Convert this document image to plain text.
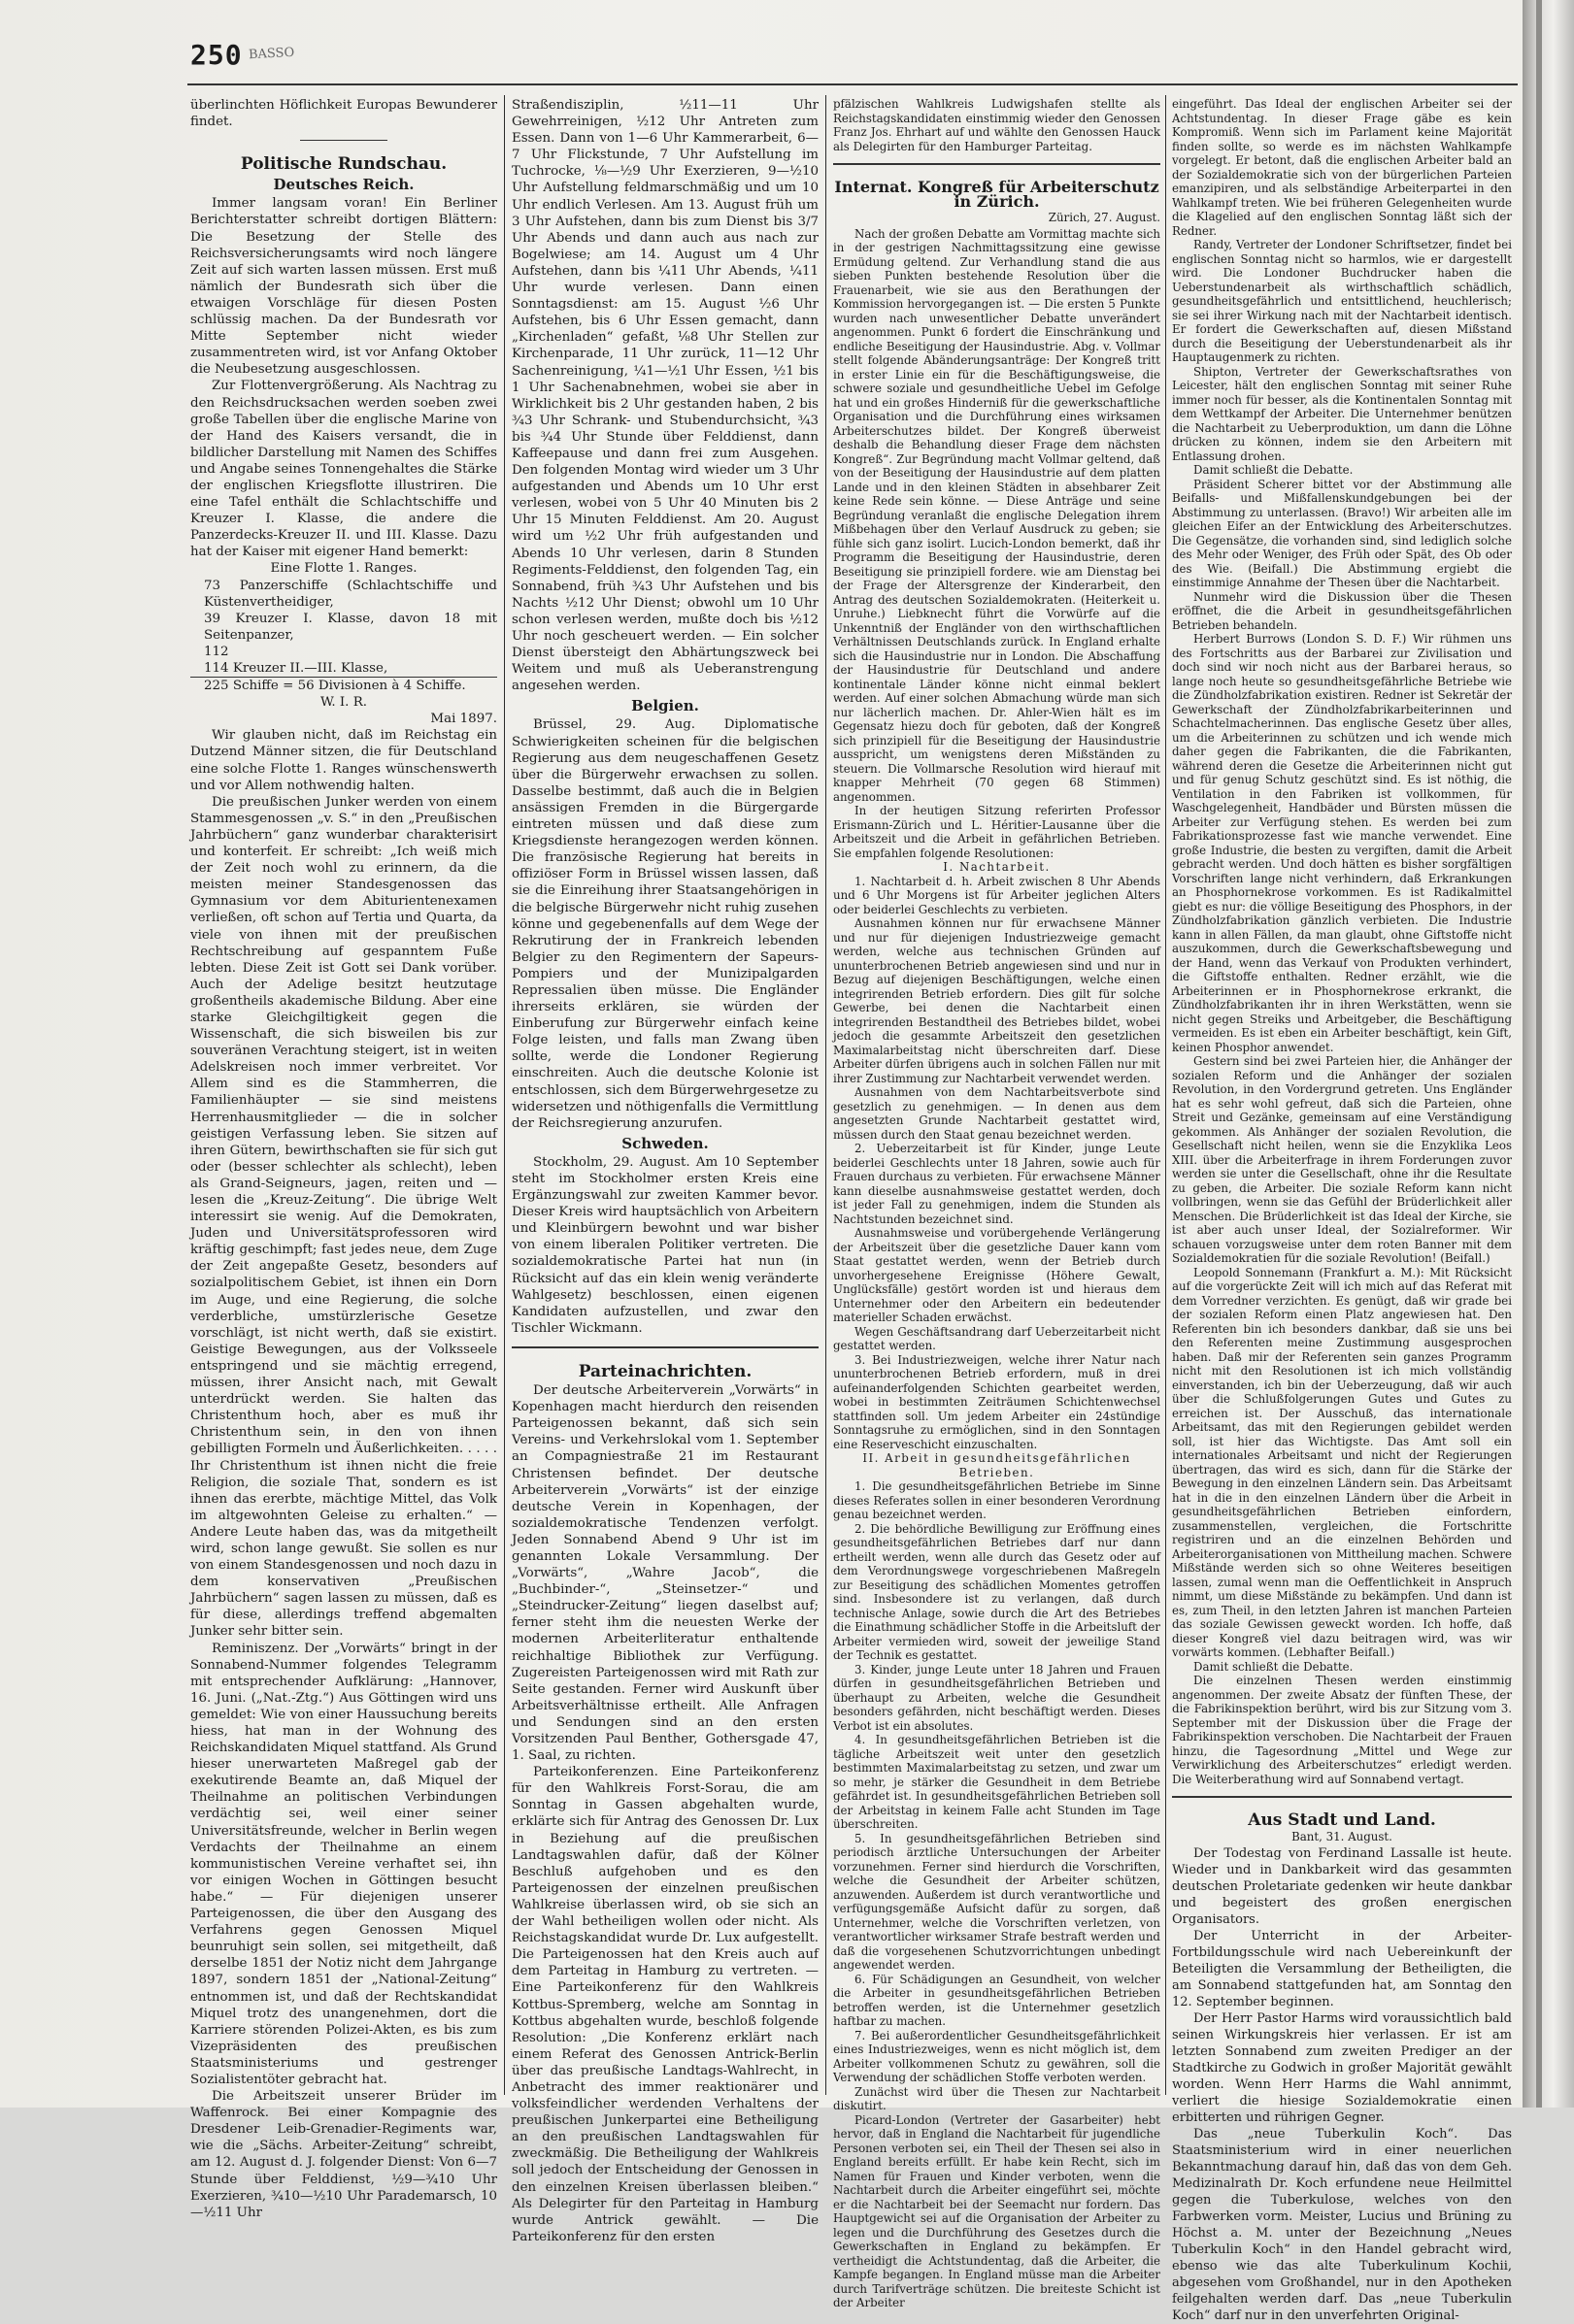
250 BASSO

überlinchten Höflichkeit Europas Bewunderer findet.

Politische Rundschau.
Deutsches Reich.

Immer langsam voran! Ein Berliner Berichterstatter schreibt dortigen Blättern: Die Besetzung der Stelle des Reichsversicherungsamts wird noch längere Zeit auf sich warten lassen müssen. Erst muß nämlich der Bundesrath sich über die etwaigen Vorschläge für diesen Posten schlüssig machen. Da der Bundesrath vor Mitte September nicht wieder zusammentreten wird, ist vor Anfang Oktober die Neubesetzung ausgeschlossen.

Zur Flottenvergrößerung. Als Nachtrag zu den Reichsdrucksachen werden soeben zwei große Tabellen über die englische Marine von der Hand des Kaisers versandt, die in bildlicher Darstellung mit Namen des Schiffes und Angabe seines Tonnengehaltes die Stärke der englischen Kriegsflotte illustriren. Die eine Tafel enthält die Schlachtschiffe und Kreuzer I. Klasse, die andere die Panzerdecks-Kreuzer II. und III. Klasse. Dazu hat der Kaiser mit eigener Hand bemerkt:

Eine Flotte 1. Ranges.

73 Panzerschiffe (Schlachtschiffe und Küstenvertheidiger,

39 Kreuzer I. Klasse, davon 18 mit Seitenpanzer,

112

114 Kreuzer II.—III. Klasse,

225 Schiffe = 56 Divisionen à 4 Schiffe.

W. I. R.

Mai 1897.

Wir glauben nicht, daß im Reichstag ein Dutzend Männer sitzen, die für Deutschland eine solche Flotte 1. Ranges wünschenswerth und vor Allem nothwendig halten.

Die preußischen Junker werden von einem Stammesgenossen „v. S.“ in den „Preußischen Jahrbüchern“ ganz wunderbar charakterisirt und konterfeit. Er schreibt: „Ich weiß mich der Zeit noch wohl zu erinnern, da die meisten meiner Standesgenossen das Gymnasium vor dem Abiturientenexamen verließen, oft schon auf Tertia und Quarta, da viele von ihnen mit der preußischen Rechtschreibung auf gespanntem Fuße lebten. Diese Zeit ist Gott sei Dank vorüber. Auch der Adelige besitzt heutzutage großentheils akademische Bildung. Aber eine starke Gleichgiltigkeit gegen die Wissenschaft, die sich bisweilen bis zur souveränen Verachtung steigert, ist in weiten Adelskreisen noch immer verbreitet. Vor Allem sind es die Stammherren, die Familienhäupter — sie sind meistens Herrenhausmitglieder — die in solcher geistigen Verfassung leben. Sie sitzen auf ihren Gütern, bewirthschaften sie für sich gut oder (besser schlechter als schlecht), leben als Grand-Seigneurs, jagen, reiten und — lesen die „Kreuz-Zeitung“. Die übrige Welt interessirt sie wenig. Auf die Demokraten, Juden und Universitätsprofessoren wird kräftig geschimpft; fast jedes neue, dem Zuge der Zeit angepaßte Gesetz, besonders auf sozialpolitischem Gebiet, ist ihnen ein Dorn im Auge, und eine Regierung, die solche verderbliche, umstürzlerische Gesetze vorschlägt, ist nicht werth, daß sie existirt. Geistige Bewegungen, aus der Volksseele entspringend und sie mächtig erregend, müssen, ihrer Ansicht nach, mit Gewalt unterdrückt werden. Sie halten das Christenthum hoch, aber es muß ihr Christenthum sein, in den von ihnen gebilligten Formeln und Äußerlichkeiten. . . . . Ihr Christenthum ist ihnen nicht die freie Religion, die soziale That, sondern es ist ihnen das ererbte, mächtige Mittel, das Volk im altgewohnten Geleise zu erhalten.“ — Andere Leute haben das, was da mitgetheilt wird, schon lange gewußt. Sie sollen es nur von einem Standesgenossen und noch dazu in dem konservativen „Preußischen Jahrbüchern“ sagen lassen zu müssen, daß es für diese, allerdings treffend abgemalten Junker sehr bitter sein.

Reminiszenz. Der „Vorwärts“ bringt in der Sonnabend-Nummer folgendes Telegramm mit entsprechender Aufklärung: „Hannover, 16. Juni. („Nat.-Ztg.“) Aus Göttingen wird uns gemeldet: Wie von einer Haussuchung bereits hiess, hat man in der Wohnung des Reichskandidaten Miquel stattfand. Als Grund hieser unerwarteten Maßregel gab der exekutirende Beamte an, daß Miquel der Theilnahme an politischen Verbindungen verdächtig sei, weil einer seiner Universitätsfreunde, welcher in Berlin wegen Verdachts der Theilnahme an einem kommunistischen Vereine verhaftet sei, ihn vor einigen Wochen in Göttingen besucht habe.“ — Für diejenigen unserer Parteigenossen, die über den Ausgang des Verfahrens gegen Genossen Miquel beunruhigt sein sollen, sei mitgetheilt, daß derselbe 1851 der Notiz nicht dem Jahrgange 1897, sondern 1851 der „National-Zeitung“ entnommen ist, und daß der Rechtskandidat Miquel trotz des unangenehmen, dort die Karriere störenden Polizei-Akten, es bis zum Vizepräsidenten des preußischen Staatsministeriums und gestrenger Sozialistentöter gebracht hat.

Die Arbeitszeit unserer Brüder im Waffenrock. Bei einer Kompagnie des Dresdener Leib-Grenadier-Regiments war, wie die „Sächs. Arbeiter-Zeitung“ schreibt, am 12. August d. J. folgender Dienst: Von 6—7 Stunde über Felddienst, ½9—¾10 Uhr Exerzieren, ¾10—½10 Uhr Parademarsch, 10—½11 Uhr

Straßendisziplin, ½11—11 Uhr Gewehrreinigen, ½12 Uhr Antreten zum Essen. Dann von 1—6 Uhr Kammerarbeit, 6—7 Uhr Flickstunde, 7 Uhr Aufstellung im Tuchrocke, ⅛—½9 Uhr Exerzieren, 9—½10 Uhr Aufstellung feldmarschmäßig und um 10 Uhr endlich Verlesen. Am 13. August früh um 3 Uhr Aufstehen, dann bis zum Dienst bis 3/7 Uhr Abends und dann auch aus nach zur Bogelwiese; am 14. August um 4 Uhr Aufstehen, dann bis ¼11 Uhr Abends, ¼11 Uhr wurde verlesen. Dann einen Sonntagsdienst: am 15. August ½6 Uhr Aufstehen, bis 6 Uhr Essen gemacht, dann „Kirchenladen“ gefaßt, ⅛8 Uhr Stellen zur Kirchenparade, 11 Uhr zurück, 11—12 Uhr Sachenreinigung, ¼1—½1 Uhr Essen, ½1 bis 1 Uhr Sachenabnehmen, wobei sie aber in Wirklichkeit bis 2 Uhr gestanden haben, 2 bis ¾3 Uhr Schrank- und Stubendurchsicht, ¾3 bis ¾4 Uhr Stunde über Felddienst, dann Kaffeepause und dann frei zum Ausgehen. Den folgenden Montag wird wieder um 3 Uhr aufgestanden und Abends um 10 Uhr erst verlesen, wobei von 5 Uhr 40 Minuten bis 2 Uhr 15 Minuten Felddienst. Am 20. August wird um ½2 Uhr früh aufgestanden und Abends 10 Uhr verlesen, darin 8 Stunden Regiments-Felddienst, den folgenden Tag, ein Sonnabend, früh ¾3 Uhr Aufstehen und bis Nachts ½12 Uhr Dienst; obwohl um 10 Uhr schon verlesen werden, mußte doch bis ½12 Uhr noch gescheuert werden. — Ein solcher Dienst übersteigt den Abhärtungszweck bei Weitem und muß als Ueberanstrengung angesehen werden.

Belgien.

Brüssel, 29. Aug. Diplomatische Schwierigkeiten scheinen für die belgischen Regierung aus dem neugeschaffenen Gesetz über die Bürgerwehr erwachsen zu sollen. Dasselbe bestimmt, daß auch die in Belgien ansässigen Fremden in die Bürgergarde eintreten müssen und daß diese zum Kriegsdienste herangezogen werden können. Die französische Regierung hat bereits in offiziöser Form in Brüssel wissen lassen, daß sie die Einreihung ihrer Staatsangehörigen in die belgische Bürgerwehr nicht ruhig zusehen könne und gegebenenfalls auf dem Wege der Rekrutirung der in Frankreich lebenden Belgier zu den Regimentern der Sapeurs-Pompiers und der Munizipalgarden Repressalien üben müsse. Die Engländer ihrerseits erklären, sie würden der Einberufung zur Bürgerwehr einfach keine Folge leisten, und falls man Zwang üben sollte, werde die Londoner Regierung einschreiten. Auch die deutsche Kolonie ist entschlossen, sich dem Bürgerwehrgesetze zu widersetzen und nöthigenfalls die Vermittlung der Reichsregierung anzurufen.

Schweden.

Stockholm, 29. August. Am 10 September steht im Stockholmer ersten Kreis eine Ergänzungswahl zur zweiten Kammer bevor. Dieser Kreis wird hauptsächlich von Arbeitern und Kleinbürgern bewohnt und war bisher von einem liberalen Politiker vertreten. Die sozialdemokratische Partei hat nun (in Rücksicht auf das ein klein wenig veränderte Wahlgesetz) beschlossen, einen eigenen Kandidaten aufzustellen, und zwar den Tischler Wickmann.

Parteinachrichten.

Der deutsche Arbeiterverein „Vorwärts“ in Kopenhagen macht hierdurch den reisenden Parteigenossen bekannt, daß sich sein Vereins- und Verkehrslokal vom 1. September an Compagniestraße 21 im Restaurant Christensen befindet. Der deutsche Arbeiterverein „Vorwärts“ ist der einzige deutsche Verein in Kopenhagen, der sozialdemokratische Tendenzen verfolgt. Jeden Sonnabend Abend 9 Uhr ist im genannten Lokale Versammlung. Der „Vorwärts“, „Wahre Jacob“, die „Buchbinder-“, „Steinsetzer-“ und „Steindrucker-Zeitung“ liegen daselbst auf; ferner steht ihm die neuesten Werke der modernen Arbeiterliteratur enthaltende reichhaltige Bibliothek zur Verfügung. Zugereisten Parteigenossen wird mit Rath zur Seite gestanden. Ferner wird Auskunft über Arbeitsverhältnisse ertheilt. Alle Anfragen und Sendungen sind an den ersten Vorsitzenden Paul Benther, Gothersgade 47, 1. Saal, zu richten.

Parteikonferenzen. Eine Parteikonferenz für den Wahlkreis Forst-Sorau, die am Sonntag in Gassen abgehalten wurde, erklärte sich für Antrag des Genossen Dr. Lux in Beziehung auf die preußischen Landtagswahlen dafür, daß der Kölner Beschluß aufgehoben und es den Parteigenossen der einzelnen preußischen Wahlkreise überlassen wird, ob sie sich an der Wahl betheiligen wollen oder nicht. Als Reichstagskandidat wurde Dr. Lux aufgestellt. Die Parteigenossen hat den Kreis auch auf dem Parteitag in Hamburg zu vertreten. — Eine Parteikonferenz für den Wahlkreis Kottbus-Spremberg, welche am Sonntag in Kottbus abgehalten wurde, beschloß folgende Resolution: „Die Konferenz erklärt nach einem Referat des Genossen Antrick-Berlin über das preußische Landtags-Wahlrecht, in Anbetracht des immer reaktionärer und volksfeindlicher werdenden Verhaltens der preußischen Junkerpartei eine Betheiligung an den preußischen Landtagswahlen für zweckmäßig. Die Betheiligung der Wahlkreis soll jedoch der Entscheidung der Genossen in den einzelnen Kreisen überlassen bleiben.“ Als Delegirter für den Parteitag in Hamburg wurde Antrick gewählt. — Die Parteikonferenz für den ersten

pfälzischen Wahlkreis Ludwigshafen stellte als Reichstagskandidaten einstimmig wieder den Genossen Franz Jos. Ehrhart auf und wählte den Genossen Hauck als Delegirten für den Hamburger Parteitag.

Internat. Kongreß für Arbeiterschutz in Zürich.

Zürich, 27. August.

Nach der großen Debatte am Vormittag machte sich in der gestrigen Nachmittagssitzung eine gewisse Ermüdung geltend. Zur Verhandlung stand die aus sieben Punkten bestehende Resolution über die Frauenarbeit, wie sie aus den Berathungen der Kommission hervorgegangen ist. — Die ersten 5 Punkte wurden nach unwesentlicher Debatte unverändert angenommen. Punkt 6 fordert die Einschränkung und endliche Beseitigung der Hausindustrie. Abg. v. Vollmar stellt folgende Abänderungsanträge: Der Kongreß tritt in erster Linie ein für die Beschäftigungsweise, die schwere soziale und gesundheitliche Uebel im Gefolge hat und ein großes Hinderniß für die gewerkschaftliche Organisation und die Durchführung eines wirksamen Arbeiterschutzes bildet. Der Kongreß überweist deshalb die Behandlung dieser Frage dem nächsten Kongreß“. Zur Begründung macht Vollmar geltend, daß von der Beseitigung der Hausindustrie auf dem platten Lande und in den kleinen Städten in absehbarer Zeit keine Rede sein könne. — Diese Anträge und seine Begründung veranlaßt die englische Delegation ihrem Mißbehagen über den Verlauf Ausdruck zu geben; sie fühle sich ganz isolirt. Lucich-London bemerkt, daß ihr Programm die Beseitigung der Hausindustrie, deren Beseitigung sie prinzipiell fordere. wie am Dienstag bei der Frage der Altersgrenze der Kinderarbeit, den Antrag des deutschen Sozialdemokraten. (Heiterkeit u. Unruhe.) Liebknecht führt die Vorwürfe auf die Unkenntniß der Engländer von den wirthschaftlichen Verhältnissen Deutschlands zurück. In England erhalte sich die Hausindustrie nur in London. Die Abschaffung der Hausindustrie für Deutschland und andere kontinentale Länder könne nicht einmal beklert werden. Auf einer solchen Abmachung würde man sich nur lächerlich machen. Dr. Ahler-Wien hält es im Gegensatz hiezu doch für geboten, daß der Kongreß sich prinzipiell für die Beseitigung der Hausindustrie ausspricht, um wenigstens deren Mißständen zu steuern. Die Vollmarsche Resolution wird hierauf mit knapper Mehrheit (70 gegen 68 Stimmen) angenommen.

In der heutigen Sitzung referirten Professor Erismann-Zürich und L. Héritier-Lausanne über die Arbeitszeit und die Arbeit in gefährlichen Betrieben. Sie empfahlen folgende Resolutionen:

I. Nachtarbeit.

1. Nachtarbeit d. h. Arbeit zwischen 8 Uhr Abends und 6 Uhr Morgens ist für Arbeiter jeglichen Alters oder beiderlei Geschlechts zu verbieten.

Ausnahmen können nur für erwachsene Männer und nur für diejenigen Industriezweige gemacht werden, welche aus technischen Gründen auf ununterbrochenen Betrieb angewiesen sind und nur in Bezug auf diejenigen Beschäftigungen, welche einen integrirenden Betrieb erfordern. Dies gilt für solche Gewerbe, bei denen die Nachtarbeit einen integrirenden Bestandtheil des Betriebes bildet, wobei jedoch die gesammte Arbeitszeit den gesetzlichen Maximalarbeitstag nicht überschreiten darf. Diese Arbeiter dürfen übrigens auch in solchen Fällen nur mit ihrer Zustimmung zur Nachtarbeit verwendet werden.

Ausnahmen von dem Nachtarbeitsverbote sind gesetzlich zu genehmigen. — In denen aus dem angesetzten Grunde Nachtarbeit gestattet wird, müssen durch den Staat genau bezeichnet werden.

2. Ueberzeitarbeit ist für Kinder, junge Leute beiderlei Geschlechts unter 18 Jahren, sowie auch für Frauen durchaus zu verbieten. Für erwachsene Männer kann dieselbe ausnahmsweise gestattet werden, doch ist jeder Fall zu genehmigen, indem die Stunden als Nachtstunden bezeichnet sind.

Ausnahmsweise und vorübergehende Verlängerung der Arbeitszeit über die gesetzliche Dauer kann vom Staat gestattet werden, wenn der Betrieb durch unvorhergesehene Ereignisse (Höhere Gewalt, Unglücksfälle) gestört worden ist und hieraus dem Unternehmer oder den Arbeitern ein bedeutender materieller Schaden erwächst.

Wegen Geschäftsandrang darf Ueberzeitarbeit nicht gestattet werden.

3. Bei Industriezweigen, welche ihrer Natur nach ununterbrochenen Betrieb erfordern, muß in drei aufeinanderfolgenden Schichten gearbeitet werden, wobei in bestimmten Zeiträumen Schichtenwechsel stattfinden soll. Um jedem Arbeiter ein 24stündige Sonntagsruhe zu ermöglichen, sind in den Sonntagen eine Reserveschicht einzuschalten.

II. Arbeit in gesundheitsgefährlichen Betrieben.

1. Die gesundheitsgefährlichen Betriebe im Sinne dieses Referates sollen in einer besonderen Verordnung genau bezeichnet werden.

2. Die behördliche Bewilligung zur Eröffnung eines gesundheitsgefährlichen Betriebes darf nur dann ertheilt werden, wenn alle durch das Gesetz oder auf dem Verordnungswege vorgeschriebenen Maßregeln zur Beseitigung des schädlichen Momentes getroffen sind. Insbesondere ist zu verlangen, daß durch technische Anlage, sowie durch die Art des Betriebes die Einathmung schädlicher Stoffe in die Arbeitsluft der Arbeiter vermieden wird, soweit der jeweilige Stand der Technik es gestattet.

3. Kinder, junge Leute unter 18 Jahren und Frauen dürfen in gesundheitsgefährlichen Betrieben und überhaupt zu Arbeiten, welche die Gesundheit besonders gefährden, nicht beschäftigt werden. Dieses Verbot ist ein absolutes.

4. In gesundheitsgefährlichen Betrieben ist die tägliche Arbeitszeit weit unter den gesetzlich bestimmten Maximalarbeitstag zu setzen, und zwar um so mehr, je stärker die Gesundheit in dem Betriebe gefährdet ist. In gesundheitsgefährlichen Betrieben soll der Arbeitstag in keinem Falle acht Stunden im Tage überschreiten.

5. In gesundheitsgefährlichen Betrieben sind periodisch ärztliche Untersuchungen der Arbeiter vorzunehmen. Ferner sind hierdurch die Vorschriften, welche die Gesundheit der Arbeiter schützen, anzuwenden. Außerdem ist durch verantwortliche und verfügungsgemäße Aufsicht dafür zu sorgen, daß Unternehmer, welche die Vorschriften verletzen, von verantwortlicher wirksamer Strafe bestraft werden und daß die vorgesehenen Schutzvorrichtungen unbedingt angewendet werden.

6. Für Schädigungen an Gesundheit, von welcher die Arbeiter in gesundheitsgefährlichen Betrieben betroffen werden, ist die Unternehmer gesetzlich haftbar zu machen.

7. Bei außerordentlicher Gesundheitsgefährlichkeit eines Industriezweiges, wenn es nicht möglich ist, dem Arbeiter vollkommenen Schutz zu gewähren, soll die Verwendung der schädlichen Stoffe verboten werden.

Zunächst wird über die Thesen zur Nachtarbeit diskutirt.

Picard-London (Vertreter der Gasarbeiter) hebt hervor, daß in England die Nachtarbeit für jugendliche Personen verboten sei, ein Theil der Thesen sei also in England bereits erfüllt. Er habe kein Recht, sich im Namen für Frauen und Kinder verboten, wenn die Nachtarbeit durch die Arbeiter eingeführt sei, möchte er die Nachtarbeit bei der Seemacht nur fordern. Das Hauptgewicht sei auf die Organisation der Arbeiter zu legen und die Durchführung des Gesetzes durch die Gewerkschaften in England zu bekämpfen. Er vertheidigt die Achtstundentag, daß die Arbeiter, die Kampfe begangen. In England müsse man die Arbeiter durch Tarifverträge schützen. Die breiteste Schicht ist der Arbeiter

eingeführt. Das Ideal der englischen Arbeiter sei der Achtstundentag. In dieser Frage gäbe es kein Kompromiß. Wenn sich im Parlament keine Majorität finden sollte, so werde es im nächsten Wahlkampfe vorgelegt. Er betont, daß die englischen Arbeiter bald an der Sozialdemokratie sich von der bürgerlichen Parteien emanzipiren, und als selbständige Arbeiterpartei in den Wahlkampf treten. Wie bei früheren Gelegenheiten wurde die Klagelied auf den englischen Sonntag läßt sich der Redner.

Randy, Vertreter der Londoner Schriftsetzer, findet bei englischen Sonntag nicht so harmlos, wie er dargestellt wird. Die Londoner Buchdrucker haben die Ueberstundenarbeit als wirthschaftlich schädlich, gesundheitsgefährlich und entsittlichend, heuchlerisch; sie sei ihrer Wirkung nach mit der Nachtarbeit identisch. Er fordert die Gewerkschaften auf, diesen Mißstand durch die Beseitigung der Ueberstundenarbeit als ihr Hauptaugenmerk zu richten.

Shipton, Vertreter der Gewerkschaftsrathes von Leicester, hält den englischen Sonntag mit seiner Ruhe immer noch für besser, als die Kontinentalen Sonntag mit dem Wettkampf der Arbeiter. Die Unternehmer benützen die Nachtarbeit zu Ueberproduktion, um dann die Löhne drücken zu können, indem sie den Arbeitern mit Entlassung drohen.

Damit schließt die Debatte.

Präsident Scherer bittet vor der Abstimmung alle Beifalls- und Mißfallenskundgebungen bei der Abstimmung zu unterlassen. (Bravo!) Wir arbeiten alle im gleichen Eifer an der Entwicklung des Arbeiterschutzes. Die Gegensätze, die vorhanden sind, sind lediglich solche des Mehr oder Weniger, des Früh oder Spät, des Ob oder des Wie. (Beifall.) Die Abstimmung ergiebt die einstimmige Annahme der Thesen über die Nachtarbeit.

Nunmehr wird die Diskussion über die Thesen eröffnet, die die Arbeit in gesundheitsgefährlichen Betrieben behandeln.

Herbert Burrows (London S. D. F.) Wir rühmen uns des Fortschritts aus der Barbarei zur Zivilisation und doch sind wir noch nicht aus der Barbarei heraus, so lange noch heute so gesundheitsgefährliche Betriebe wie die Zündholzfabrikation existiren. Redner ist Sekretär der Gewerkschaft der Zündholzfabrikarbeiterinnen und Schachtelmacherinnen. Das englische Gesetz über alles, um die Arbeiterinnen zu schützen und ich wende mich daher gegen die Fabrikanten, die die Fabrikanten, während deren die Gesetze die Arbeiterinnen nicht gut und für genug Schutz geschützt sind. Es ist nöthig, die Ventilation in den Fabriken ist vollkommen, für Waschgelegenheit, Handbäder und Bürsten müssen die Arbeiter zur Verfügung stehen. Es werden bei zum Fabrikationsprozesse fast wie manche verwendet. Eine große Industrie, die besten zu vergiften, damit die Arbeit gebracht werden. Und doch hätten es bisher sorgfältigen Vorschriften lange nicht verhindern, daß Erkrankungen an Phosphornekrose vorkommen. Es ist Radikalmittel giebt es nur: die völlige Beseitigung des Phosphors, in der Zündholzfabrikation gänzlich verbieten. Die Industrie kann in allen Fällen, da man glaubt, ohne Giftstoffe nicht auszukommen, durch die Gewerkschaftsbewegung und der Hand, wenn das Verkauf von Produkten verhindert, die Giftstoffe enthalten. Redner erzählt, wie die Arbeiterinnen er in Phosphornekrose erkrankt, die Zündholzfabrikanten ihr in ihren Werkstätten, wenn sie nicht gegen Streiks und Arbeitgeber, die Beschäftigung vermeiden. Es ist eben ein Arbeiter beschäftigt, kein Gift, keinen Phosphor anwendet.

Gestern sind bei zwei Parteien hier, die Anhänger der sozialen Reform und die Anhänger der sozialen Revolution, in den Vordergrund getreten. Uns Engländer hat es sehr wohl gefreut, daß sich die Parteien, ohne Streit und Gezänke, gemeinsam auf eine Verständigung gekommen. Als Anhänger der sozialen Revolution, die Gesellschaft nicht heilen, wenn sie die Enzyklika Leos XIII. über die Arbeiterfrage in ihrem Forderungen zuvor werden sie unter die Gesellschaft, ohne ihr die Resultate zu geben, die Arbeiter. Die soziale Reform kann nicht vollbringen, wenn sie das Gefühl der Brüderlichkeit aller Menschen. Die Brüderlichkeit ist das Ideal der Kirche, sie ist aber auch unser Ideal, der Sozialreformer. Wir schauen vorzugsweise unter dem roten Banner mit dem Sozialdemokratien für die soziale Revolution! (Beifall.)

Leopold Sonnemann (Frankfurt a. M.): Mit Rücksicht auf die vorgerückte Zeit will ich mich auf das Referat mit dem Vorredner verzichten. Es genügt, daß wir grade bei der sozialen Reform einen Platz angewiesen hat. Den Referenten bin ich besonders dankbar, daß sie uns bei den Referenten meine Zustimmung ausgesprochen haben. Daß mir der Referenten sein ganzes Programm nicht mit den Resolutionen ist ich mich vollständig einverstanden, ich bin der Ueberzeugung, daß wir auch über die Schlußfolgerungen Gutes und Gutes zu erreichen ist. Der Ausschuß, das internationale Arbeitsamt, das mit den Regierungen gebildet werden soll, ist hier das Wichtigste. Das Amt soll ein internationales Arbeitsamt und nicht der Regierungen übertragen, das wird es sich, dann für die Stärke der Bewegung in den einzelnen Ländern sein. Das Arbeitsamt hat in die in den einzelnen Ländern über die Arbeit in gesundheitsgefährlichen Betrieben einfordern, zusammenstellen, vergleichen, die Fortschritte registriren und an die einzelnen Behörden und Arbeiterorganisationen von Mittheilung machen. Schwere Mißstände werden sich so ohne Weiteres beseitigen lassen, zumal wenn man die Oeffentlichkeit in Anspruch nimmt, um diese Mißstände zu bekämpfen. Und dann ist es, zum Theil, in den letzten Jahren ist manchen Parteien das soziale Gewissen geweckt worden. Ich hoffe, daß dieser Kongreß viel dazu beitragen wird, was wir vorwärts kommen. (Lebhafter Beifall.)

Damit schließt die Debatte.

Die einzelnen Thesen werden einstimmig angenommen. Der zweite Absatz der fünften These, der die Fabrikinspektion berührt, wird bis zur Sitzung vom 3. September mit der Diskussion über die Frage der Fabrikinspektion verschoben. Die Nachtarbeit der Frauen hinzu, die Tagesordnung „Mittel und Wege zur Verwirklichung des Arbeiterschutzes“ erledigt werden. Die Weiterberathung wird auf Sonnabend vertagt.

Aus Stadt und Land.

Bant, 31. August.

Der Todestag von Ferdinand Lassalle ist heute. Wieder und in Dankbarkeit wird das gesammten deutschen Proletariate gedenken wir heute dankbar und begeistert des großen energischen Organisators.

Der Unterricht in der Arbeiter-Fortbildungsschule wird nach Uebereinkunft der Beteiligten die Versammlung der Betheiligten, die am Sonnabend stattgefunden hat, am Sonntag den 12. September beginnen.

Der Herr Pastor Harms wird voraussichtlich bald seinen Wirkungskreis hier verlassen. Er ist am letzten Sonnabend zum zweiten Prediger an der Stadtkirche zu Godwich in großer Majorität gewählt worden. Wenn Herr Harms die Wahl annimmt, verliert die hiesige Sozialdemokratie einen erbitterten und rührigen Gegner.

Das „neue Tuberkulin Koch“. Das Staatsministerium wird in einer neuerlichen Bekanntmachung darauf hin, daß das von dem Geh. Medizinalrath Dr. Koch erfundene neue Heilmittel gegen die Tuberkulose, welches von den Farbwerken vorm. Meister, Lucius und Brüning zu Höchst a. M. unter der Bezeichnung „Neues Tuberkulin Koch“ in den Handel gebracht wird, ebenso wie das alte Tuberkulinum Kochii, abgesehen vom Großhandel, nur in den Apotheken feilgehalten werden darf. Das „neue Tuberkulin Koch“ darf nur in den unverfehrten Original-
